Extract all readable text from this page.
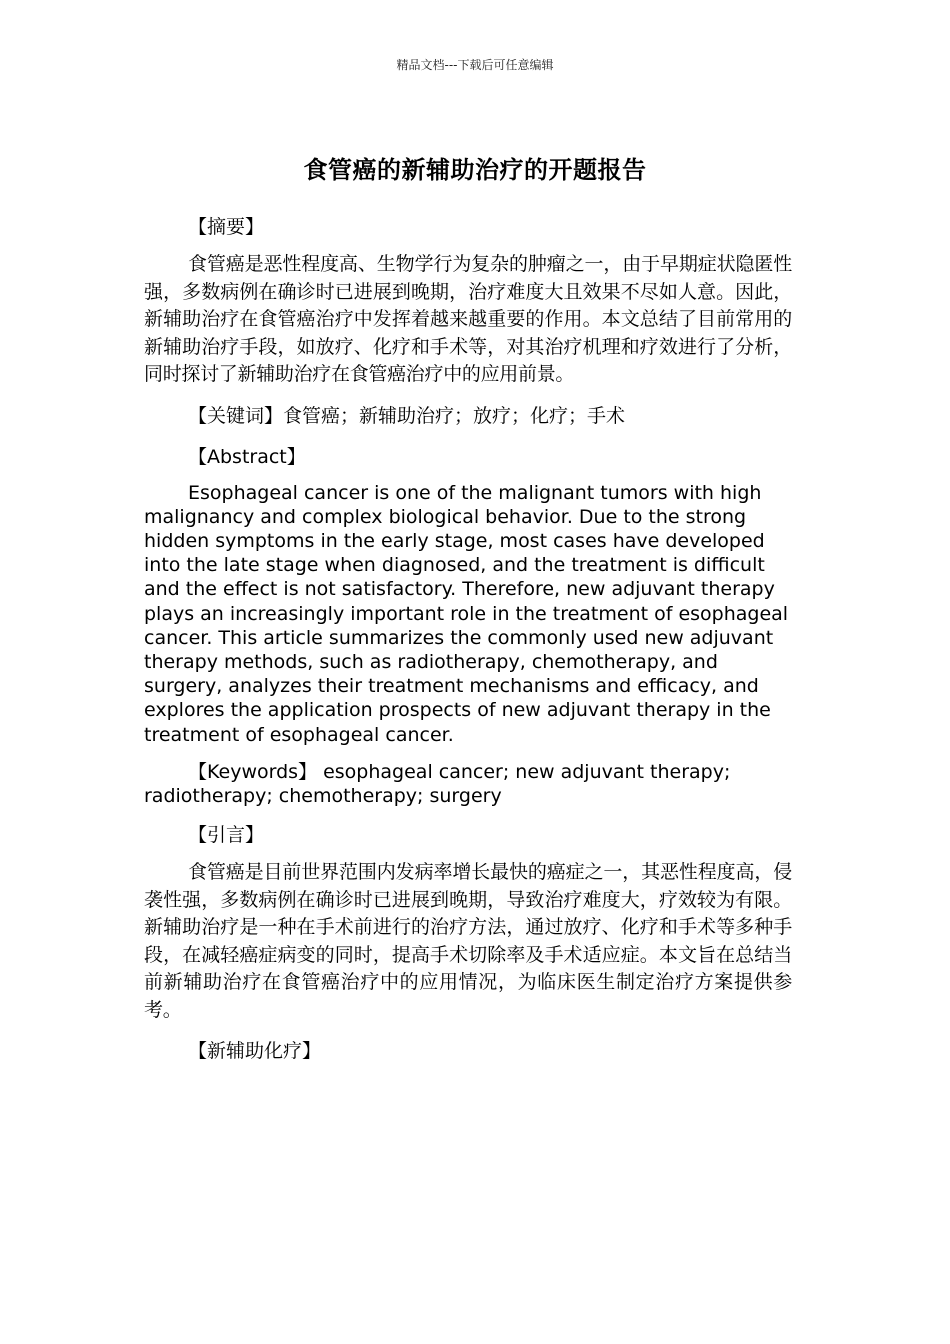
精品文档---下载后可任意编辑
食管癌的新辅助治疗的开题报告

【摘要】

食管癌是恶性程度高、生物学行为复杂的肿瘤之一，由于早期症状隐匿性强，多数病例在确诊时已进展到晚期，治疗难度大且效果不尽如人意。因此，新辅助治疗在食管癌治疗中发挥着越来越重要的作用。本文总结了目前常用的新辅助治疗手段，如放疗、化疗和手术等，对其治疗机理和疗效进行了分析，同时探讨了新辅助治疗在食管癌治疗中的应用前景。

【关键词】食管癌；新辅助治疗；放疗；化疗；手术

【Abstract】

Esophageal cancer is one of the malignant tumors with high malignancy and complex biological behavior. Due to the strong hidden symptoms in the early stage, most cases have developed into the late stage when diagnosed, and the treatment is difficult and the effect is not satisfactory. Therefore, new adjuvant therapy plays an increasingly important role in the treatment of esophageal cancer. This article summarizes the commonly used new adjuvant therapy methods, such as radiotherapy, chemotherapy, and surgery, analyzes their treatment mechanisms and efficacy, and explores the application prospects of new adjuvant therapy in the treatment of esophageal cancer.

【Keywords】 esophageal cancer; new adjuvant therapy; radiotherapy; chemotherapy; surgery

【引言】

食管癌是目前世界范围内发病率增长最快的癌症之一，其恶性程度高，侵袭性强，多数病例在确诊时已进展到晚期，导致治疗难度大，疗效较为有限。新辅助治疗是一种在手术前进行的治疗方法，通过放疗、化疗和手术等多种手段，在减轻癌症病变的同时，提高手术切除率及手术适应症。本文旨在总结当前新辅助治疗在食管癌治疗中的应用情况，为临床医生制定治疗方案提供参考。

【新辅助化疗】
